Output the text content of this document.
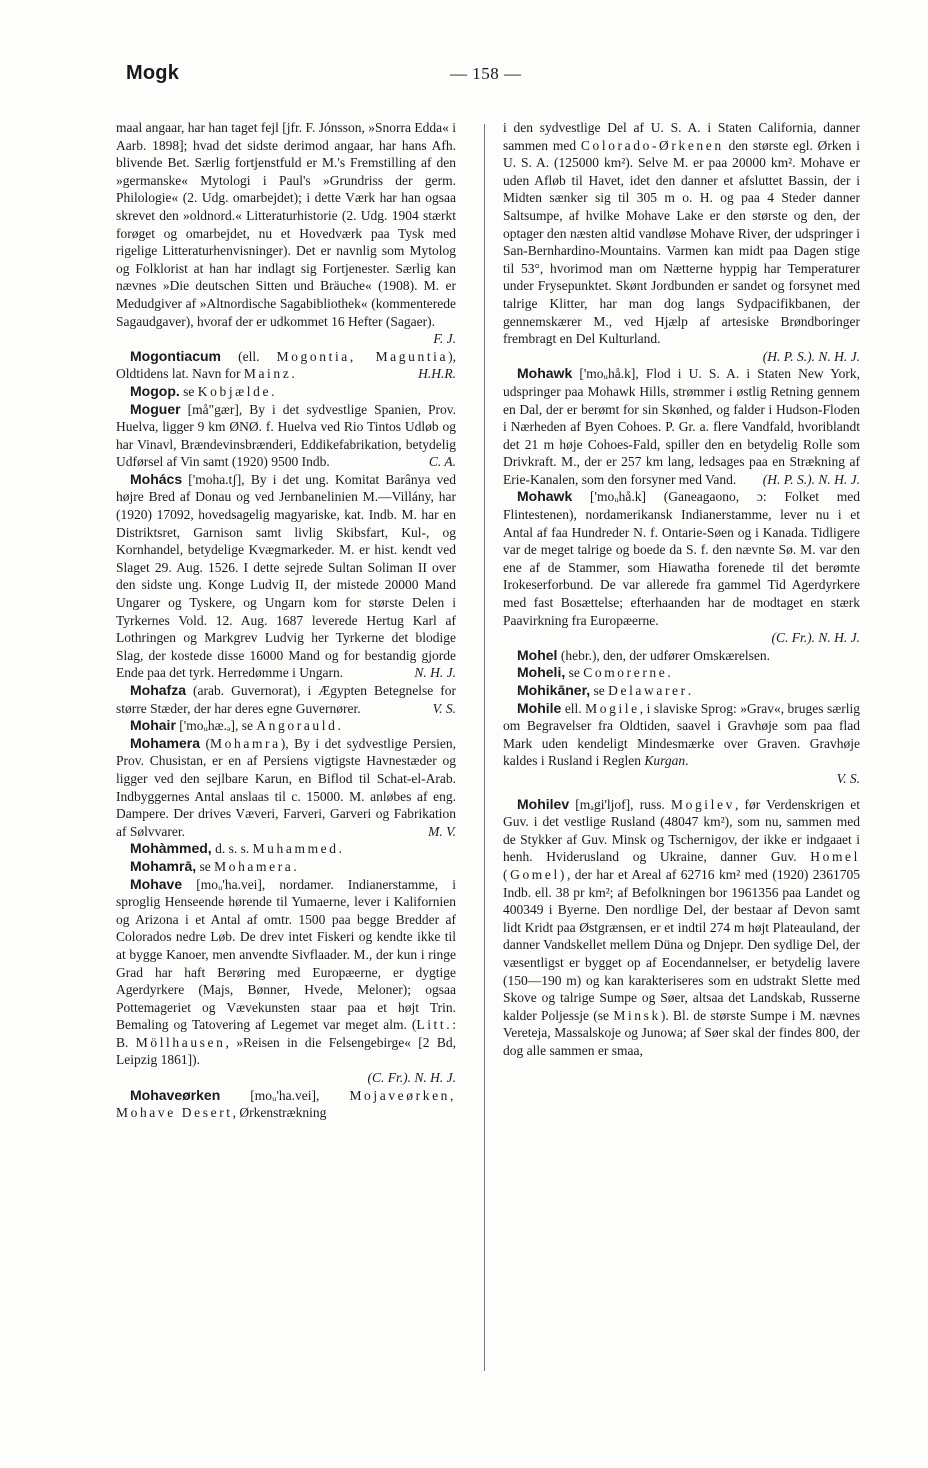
Mogk	— 158 —

maal angaar, har han taget fejl [jfr. F. Jónsson, »Snorra Edda« i Aarb. 1898]; hvad det sidste derimod angaar, har hans Afh. blivende Bet. Særlig fortjenstfuld er M.'s Fremstilling af den »germanske« Mytologi i Paul's »Grundriss der germ. Philologie« (2. Udg. omarbejdet); i dette Værk har han ogsaa skrevet den »oldnord.« Litteraturhistorie (2. Udg. 1904 stærkt forøget og omarbejdet, nu et Hovedværk paa Tysk med rigelige Litteraturhenvisninger). Det er navnlig som Mytolog og Folklorist at han har indlagt sig Fortjenester. Særlig kan nævnes »Die deutschen Sitten und Bräuche« (1908). M. er Medudgiver af »Altnordische Sagabibliothek« (kommenterede Sagaudgaver), hvoraf der er udkommet 16 Hefter (Sagaer).
F. J.

Mogontiacum (ell. Mogontia, Maguntia), Oldtidens lat. Navn for Mainz.	H.H.R.

Mogop. se Kobjælde.

Moguer [må"gær], By i det sydvestlige Spanien, Prov. Huelva, ligger 9 km ØNØ. f. Huelva ved Rio Tintos Udløb og har Vinavl, Brændevinsbrænderi, Eddikefabrikation, betydelig Udførsel af Vin samt (1920) 9500 Indb.	C. A.

Mohács ['moha.tʃ], By i det ung. Komitat Barânya ved højre Bred af Donau og ved Jernbanelinien M.—Villány, har (1920) 17092, hovedsagelig magyariske, kat. Indb. M. har en Distriktsret, Garnison samt livlig Skibsfart, Kul-, og Kornhandel, betydelige Kvægmarkeder. M. er hist. kendt ved Slaget 29. Aug. 1526. I dette sejrede Sultan Soliman II over den sidste ung. Konge Ludvig II, der mistede 20000 Mand Ungarer og Tyskere, og Ungarn kom for største Delen i Tyrkernes Vold. 12. Aug. 1687 leverede Hertug Karl af Lothringen og Markgrev Ludvig her Tyrkerne det blodige Slag, der kostede disse 16000 Mand og for bestandig gjorde Ende paa det tyrk. Herredømme i Ungarn.	N. H. J.

Mohafza (arab. Guvernorat), i Ægypten Betegnelse for større Stæder, der har deres egne Guvernører.	V. S.

Mohair ['moᵤhæ.ₔ], se Angorauld.

Mohamera (Mohamra), By i det sydvestlige Persien, Prov. Chusistan, er en af Persiens vigtigste Havnestæder og ligger ved den sejlbare Karun, en Biflod til Schat-el-Arab. Indbyggernes Antal anslaas til c. 15000. M. anløbes af eng. Dampere. Der drives Væveri, Farveri, Garveri og Fabrikation af Sølvvarer.	M. V.

Mohàmmed, d. s. s. Muhammed.

Mohamrā, se Mohamera.

Mohave [moᵤ'ha.vei], nordamer. Indianerstamme, i sproglig Henseende hørende til Yumaerne, lever i Kalifornien og Arizona i et Antal af omtr. 1500 paa begge Bredder af Colorados nedre Løb. De drev intet Fiskeri og kendte ikke til at bygge Kanoer, men anvendte Sivflaader. M., der kun i ringe Grad har haft Berøring med Europæerne, er dygtige Agerdyrkere (Majs, Bønner, Hvede, Meloner); ogsaa Pottemageriet og Vævekunsten staar paa et højt Trin. Bemaling og Tatovering af Legemet var meget alm. (Litt.: B. Möllhausen, »Reisen in die Felsengebirge« [2 Bd, Leipzig 1861]).

(C. Fr.). N. H. J.

Mohaveørken [moᵤ'ha.vei], Mojaveørken, Mohave Desert, Ørkenstrækning

i den sydvestlige Del af U. S. A. i Staten California, danner sammen med Colorado-Ørkenen den største egl. Ørken i U. S. A. (125000 km²). Selve M. er paa 20000 km². Mohave er uden Afløb til Havet, idet den danner et afsluttet Bassin, der i Midten sænker sig til 305 m o. H. og paa 4 Steder danner Saltsumpe, af hvilke Mohave Lake er den største og den, der optager den næsten altid vandløse Mohave River, der udspringer i San-Bernhardino-Mountains. Varmen kan midt paa Dagen stige til 53°, hvorimod man om Nætterne hyppig har Temperaturer under Frysepunktet. Skønt Jordbunden er sandet og forsynet med talrige Klitter, har man dog langs Sydpacifikbanen, der gennemskærer M., ved Hjælp af artesiske Brøndboringer frembragt en Del Kulturland.

(H. P. S.). N. H. J.

Mohawk ['moᵤhå.k], Flod i U. S. A. i Staten New York, udspringer paa Mohawk Hills, strømmer i østlig Retning gennem en Dal, der er berømt for sin Skønhed, og falder i Hudson-Floden i Nærheden af Byen Cohoes. P. Gr. a. flere Vandfald, hvoriblandt det 21 m høje Cohoes-Fald, spiller den en betydelig Rolle som Drivkraft. M., der er 257 km lang, ledsages paa en Strækning af Erie-Kanalen, som den forsyner med Vand.	(H. P. S.). N. H. J.

Mohawk ['moᵤhå.k] (Ganeagaono, ɔ: Folket med Flintestenen), nordamerikansk Indianerstamme, lever nu i et Antal af faa Hundreder N. f. Ontarie-Søen og i Kanada. Tidligere var de meget talrige og boede da S. f. den nævnte Sø. M. var den ene af de Stammer, som Hiawatha forenede til det berømte Irokeserforbund. De var allerede fra gammel Tid Agerdyrkere med fast Bosættelse; efterhaanden har de modtaget en stærk Paavirkning fra Europæerne.

(C. Fr.). N. H. J.

Mohel (hebr.), den, der udfører Omskærelsen.

Moheli, se Comorerne.

Mohikāner, se Delawarer.

Mohile ell. Mogile, i slaviske Sprog: »Grav«, bruges særlig om Begravelser fra Oldtiden, saavel i Gravhøje som paa flad Mark uden kendeligt Mindesmærke over Graven. Gravhøje kaldes i Rusland i Reglen Kurgan.

V. S.

Mohilev [mₐgi'ljof], russ. Mogilev, før Verdenskrigen et Guv. i det vestlige Rusland (48047 km²), som nu, sammen med de Stykker af Guv. Minsk og Tschernigov, der ikke er indgaaet i henh. Hviderusland og Ukraine, danner Guv. Homel (Gomel), der har et Areal af 62716 km² med (1920) 2361705 Indb. ell. 38 pr km²; af Befolkningen bor 1961356 paa Landet og 400349 i Byerne. Den nordlige Del, der bestaar af Devon samt lidt Kridt paa Østgrænsen, er et indtil 274 m højt Plateauland, der danner Vandskellet mellem Düna og Dnjepr. Den sydlige Del, der væsentligst er bygget op af Eocendannelser, er betydelig lavere (150—190 m) og kan karakteriseres som en udstrakt Slette med Skove og talrige Sumpe og Søer, altsaa det Landskab, Russerne kalder Poljessje (se Minsk). Bl. de største Sumpe i M. nævnes Vereteja, Massalskoje og Junowa; af Søer skal der findes 800, der dog alle sammen er smaa,
